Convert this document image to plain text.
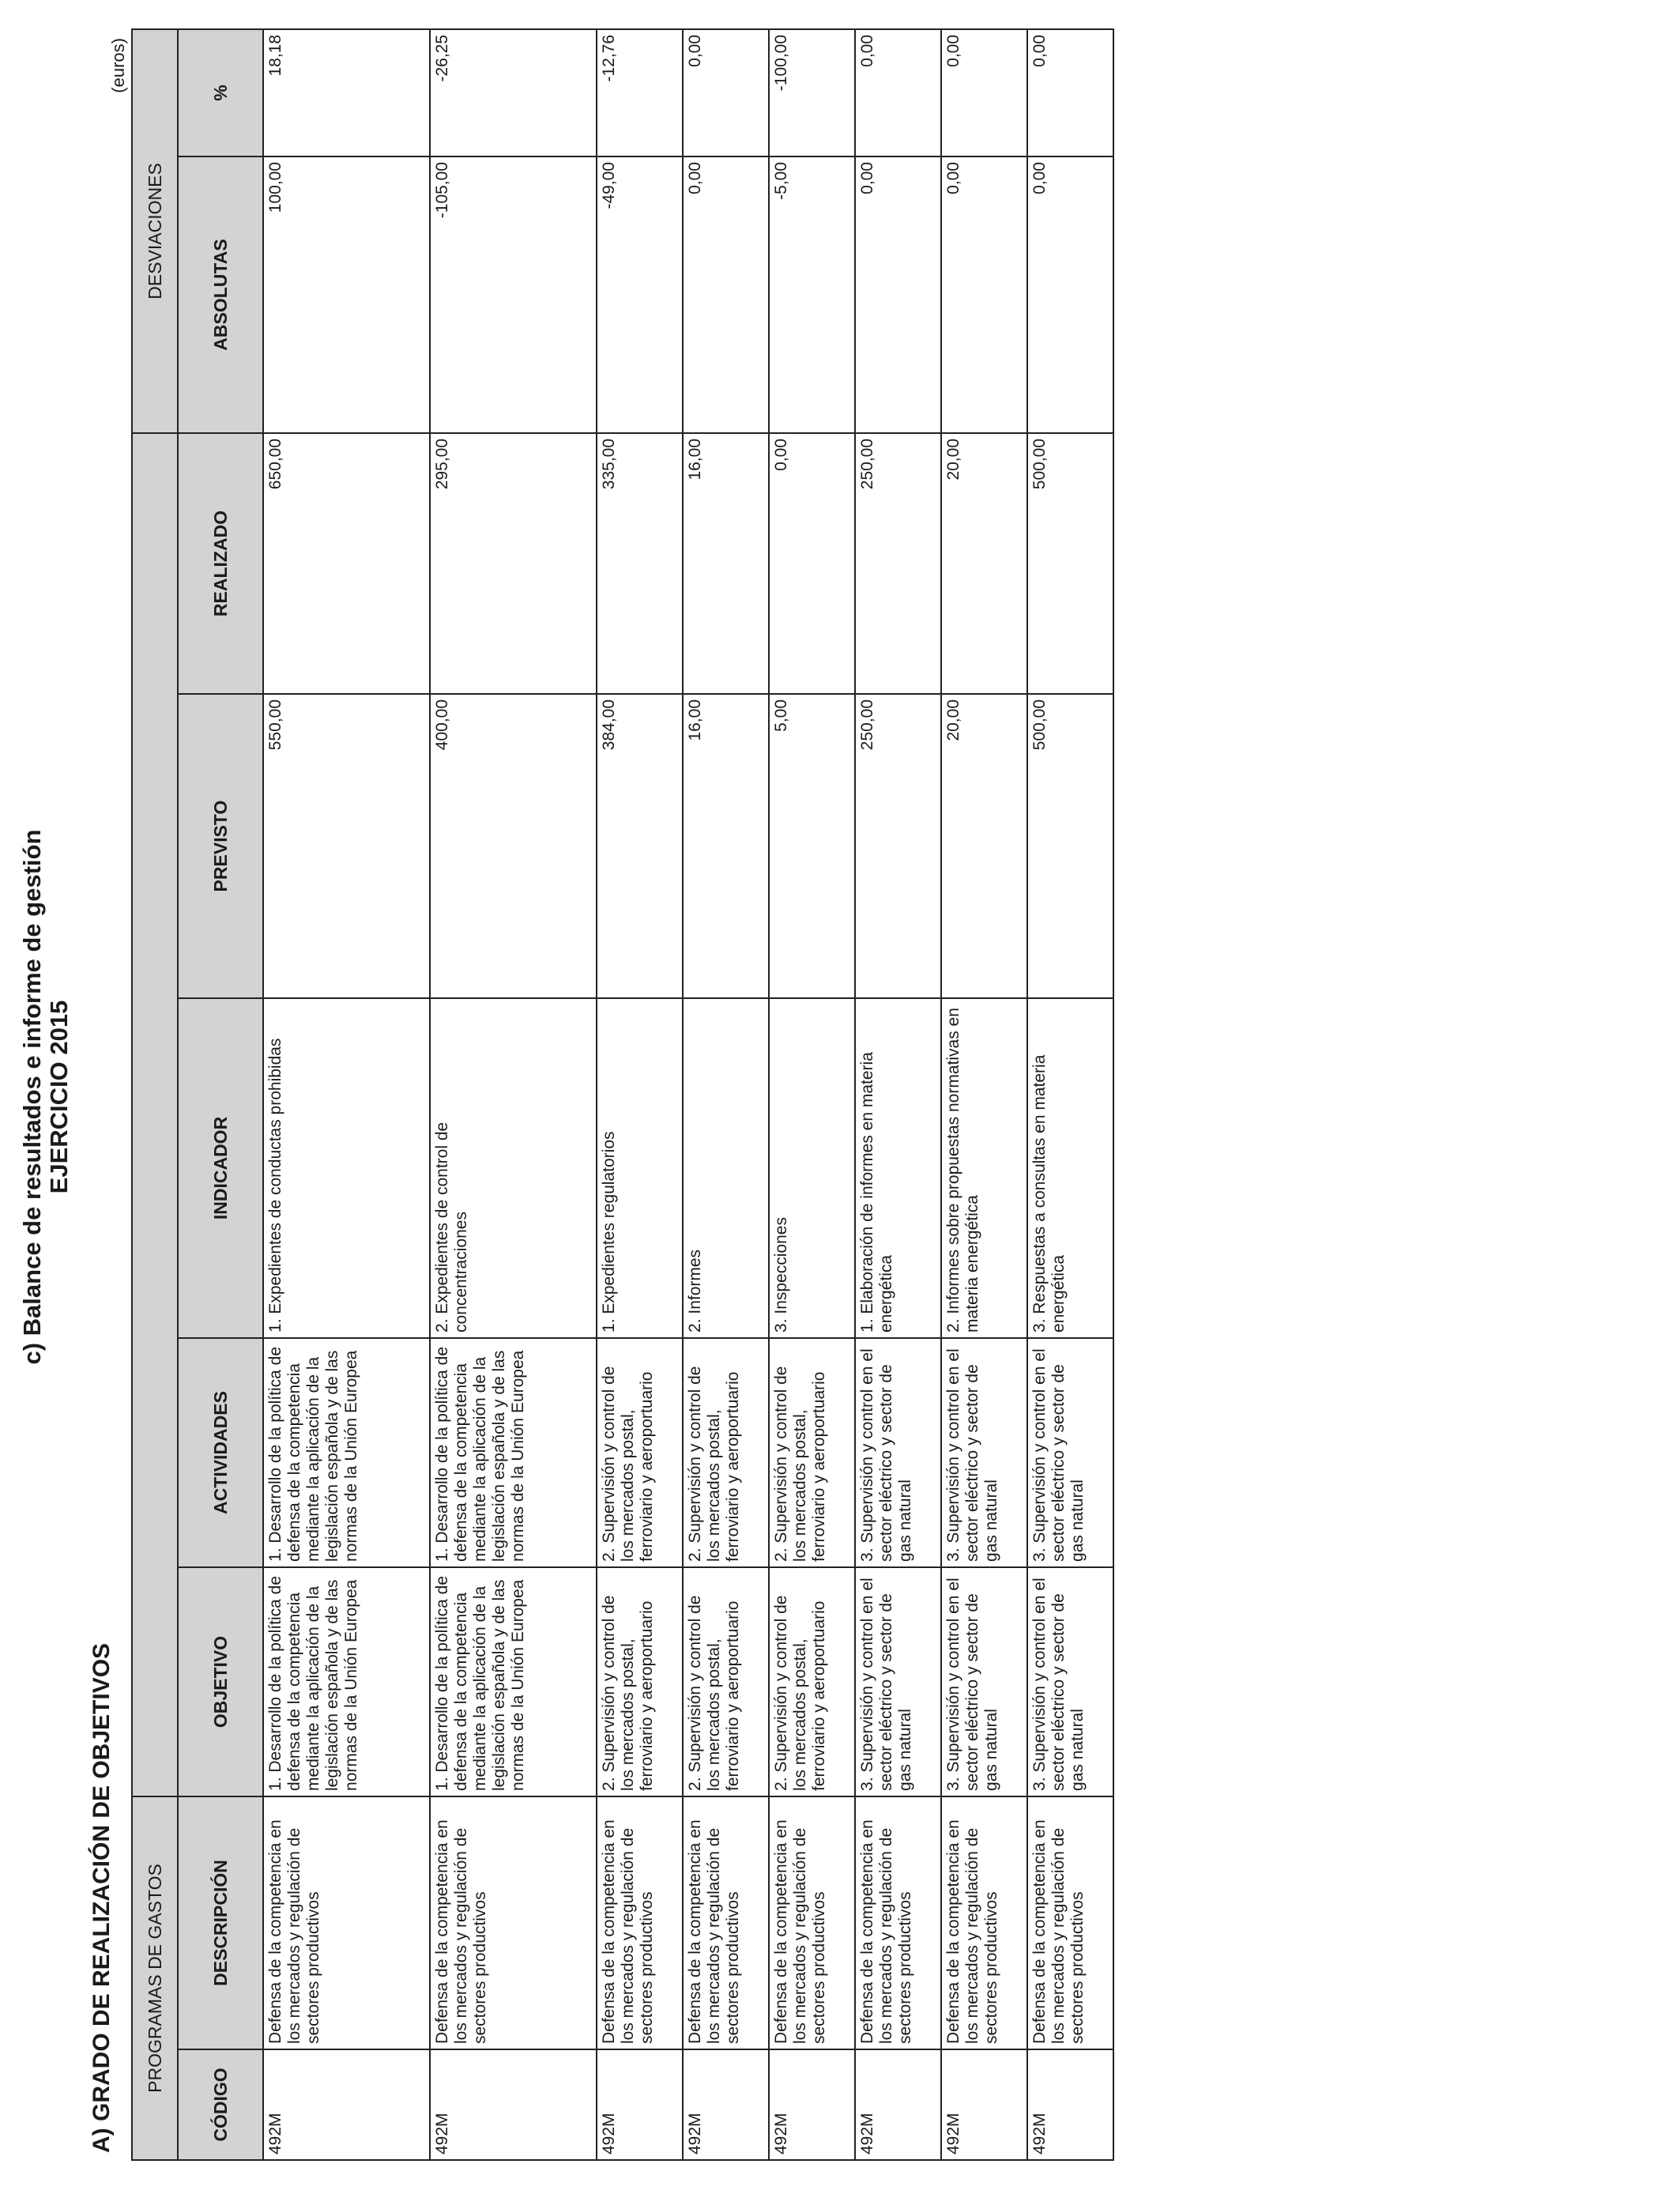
c) Balance de resultados e informe de gestión EJERCICIO 2015
A) GRADO DE REALIZACIÓN DE OBJETIVOS
(euros)
PROGRAMAS DE GASTOS							DESVIACIONES	
CÓDIGO	DESCRIPCIÓN	OBJETIVO	ACTIVIDADES	INDICADOR	PREVISTO	REALIZADO	ABSOLUTAS	%
492M	Defensa de la competencia en los mercados y regulación de sectores productivos	1. Desarrollo de la política de defensa de la competencia mediante la aplicación de la legislación española y de las normas de la Unión Europea	1. Desarrollo de la política de defensa de la competencia mediante la aplicación de la legislación española y de las normas de la Unión Europea	1. Expedientes de conductas prohibidas	550,00	650,00	100,00	18,18
492M	Defensa de la competencia en los mercados y regulación de sectores productivos	1. Desarrollo de la política de defensa de la competencia mediante la aplicación de la legislación española y de las normas de la Unión Europea	1. Desarrollo de la política de defensa de la competencia mediante la aplicación de la legislación española y de las normas de la Unión Europea	2. Expedientes de control de concentraciones	400,00	295,00	-105,00	-26,25
492M	Defensa de la competencia en los mercados y regulación de sectores productivos	2. Supervisión y control de los mercados postal, ferroviario y aeroportuario	2. Supervisión y control de los mercados postal, ferroviario y aeroportuario	1. Expedientes regulatorios	384,00	335,00	-49,00	-12,76
492M	Defensa de la competencia en los mercados y regulación de sectores productivos	2. Supervisión y control de los mercados postal, ferroviario y aeroportuario	2. Supervisión y control de los mercados postal, ferroviario y aeroportuario	2. Informes	16,00	16,00	0,00	0,00
492M	Defensa de la competencia en los mercados y regulación de sectores productivos	2. Supervisión y control de los mercados postal, ferroviario y aeroportuario	2. Supervisión y control de los mercados postal, ferroviario y aeroportuario	3. Inspecciones	5,00	0,00	-5,00	-100,00
492M	Defensa de la competencia en los mercados y regulación de sectores productivos	3. Supervisión y control en el sector eléctrico y sector de gas natural	3. Supervisión y control en el sector eléctrico y sector de gas natural	1. Elaboración de informes en materia energética	250,00	250,00	0,00	0,00
492M	Defensa de la competencia en los mercados y regulación de sectores productivos	3. Supervisión y control en el sector eléctrico y sector de gas natural	3. Supervisión y control en el sector eléctrico y sector de gas natural	2. Informes sobre propuestas normativas en materia energética	20,00	20,00	0,00	0,00
492M	Defensa de la competencia en los mercados y regulación de sectores productivos	3. Supervisión y control en el sector eléctrico y sector de gas natural	3. Supervisión y control en el sector eléctrico y sector de gas natural	3. Respuestas a consultas en materia energética	500,00	500,00	0,00	0,00
